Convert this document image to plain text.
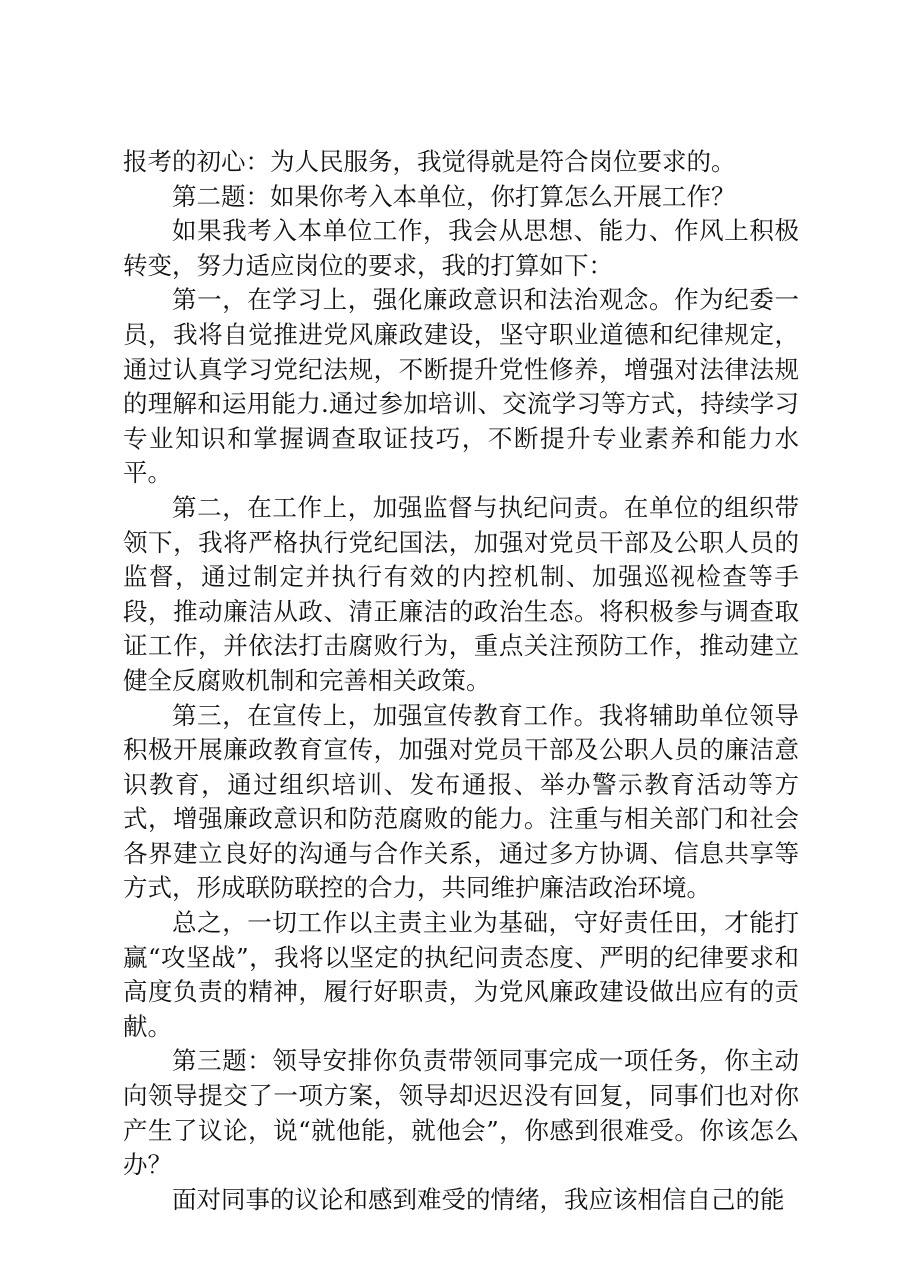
报考的初心：为人民服务，我觉得就是符合岗位要求的。

第二题：如果你考入本单位，你打算怎么开展工作？

如果我考入本单位工作，我会从思想、能力、作风上积极转变，努力适应岗位的要求，我的打算如下：

第一，在学习上，强化廉政意识和法治观念。作为纪委一员，我将自觉推进党风廉政建设，坚守职业道德和纪律规定，通过认真学习党纪法规，不断提升党性修养，增强对法律法规的理解和运用能力.通过参加培训、交流学习等方式，持续学习专业知识和掌握调查取证技巧，不断提升专业素养和能力水平。

第二，在工作上，加强监督与执纪问责。在单位的组织带领下，我将严格执行党纪国法，加强对党员干部及公职人员的监督，通过制定并执行有效的内控机制、加强巡视检查等手段，推动廉洁从政、清正廉洁的政治生态。将积极参与调查取证工作，并依法打击腐败行为，重点关注预防工作，推动建立健全反腐败机制和完善相关政策。

第三，在宣传上，加强宣传教育工作。我将辅助单位领导积极开展廉政教育宣传，加强对党员干部及公职人员的廉洁意识教育，通过组织培训、发布通报、举办警示教育活动等方式，增强廉政意识和防范腐败的能力。注重与相关部门和社会各界建立良好的沟通与合作关系，通过多方协调、信息共享等方式，形成联防联控的合力，共同维护廉洁政治环境。

总之，一切工作以主责主业为基础，守好责任田，才能打赢“攻坚战”，我将以坚定的执纪问责态度、严明的纪律要求和高度负责的精神，履行好职责，为党风廉政建设做出应有的贡献。

第三题：领导安排你负责带领同事完成一项任务，你主动向领导提交了一项方案，领导却迟迟没有回复，同事们也对你产生了议论，说“就他能，就他会”，你感到很难受。你该怎么办？

面对同事的议论和感到难受的情绪，我应该相信自己的能
